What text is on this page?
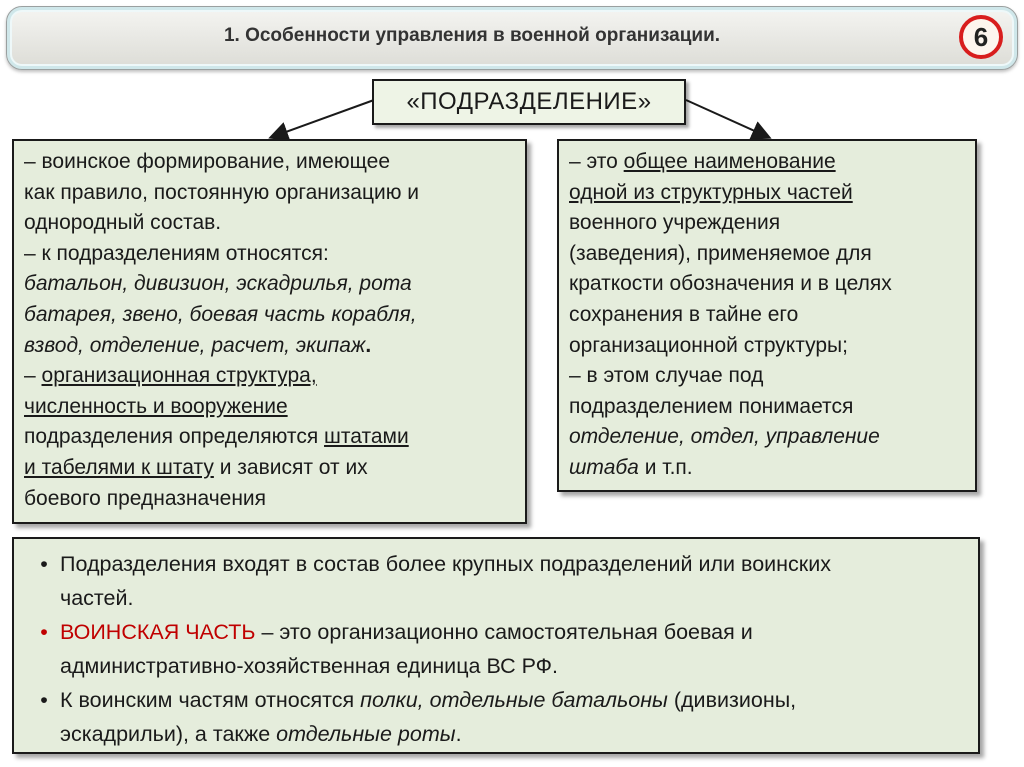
1. Особенности управления в военной организации.	6
«ПОДРАЗДЕЛЕНИЕ»
– воинское формирование, имеющее
как правило, постоянную организацию и
однородный состав.
– к подразделениям относятся:
батальон, дивизион, эскадрилья, рота
батарея, звено, боевая часть корабля,
взвод, отделение, расчет, экипаж.
– организационная структура,
численность и вооружение
подразделения определяются штатами
и табелями к штату и зависят от их
боевого предназначения
– это общее наименование
одной из структурных частей
военного учреждения
(заведения), применяемое для
краткости обозначения и в целях
сохранения в тайне его
организационной структуры;
– в этом случае под
подразделением понимается
отделение, отдел, управление
штаба и т.п.
• Подразделения входят в состав более крупных подразделений или воинских
частей.
• ВОИНСКАЯ ЧАСТЬ – это организационно самостоятельная боевая и
административно-хозяйственная единица ВС РФ.
• К воинским частям относятся полки, отдельные батальоны (дивизионы,
эскадрильи), а также отдельные роты.
